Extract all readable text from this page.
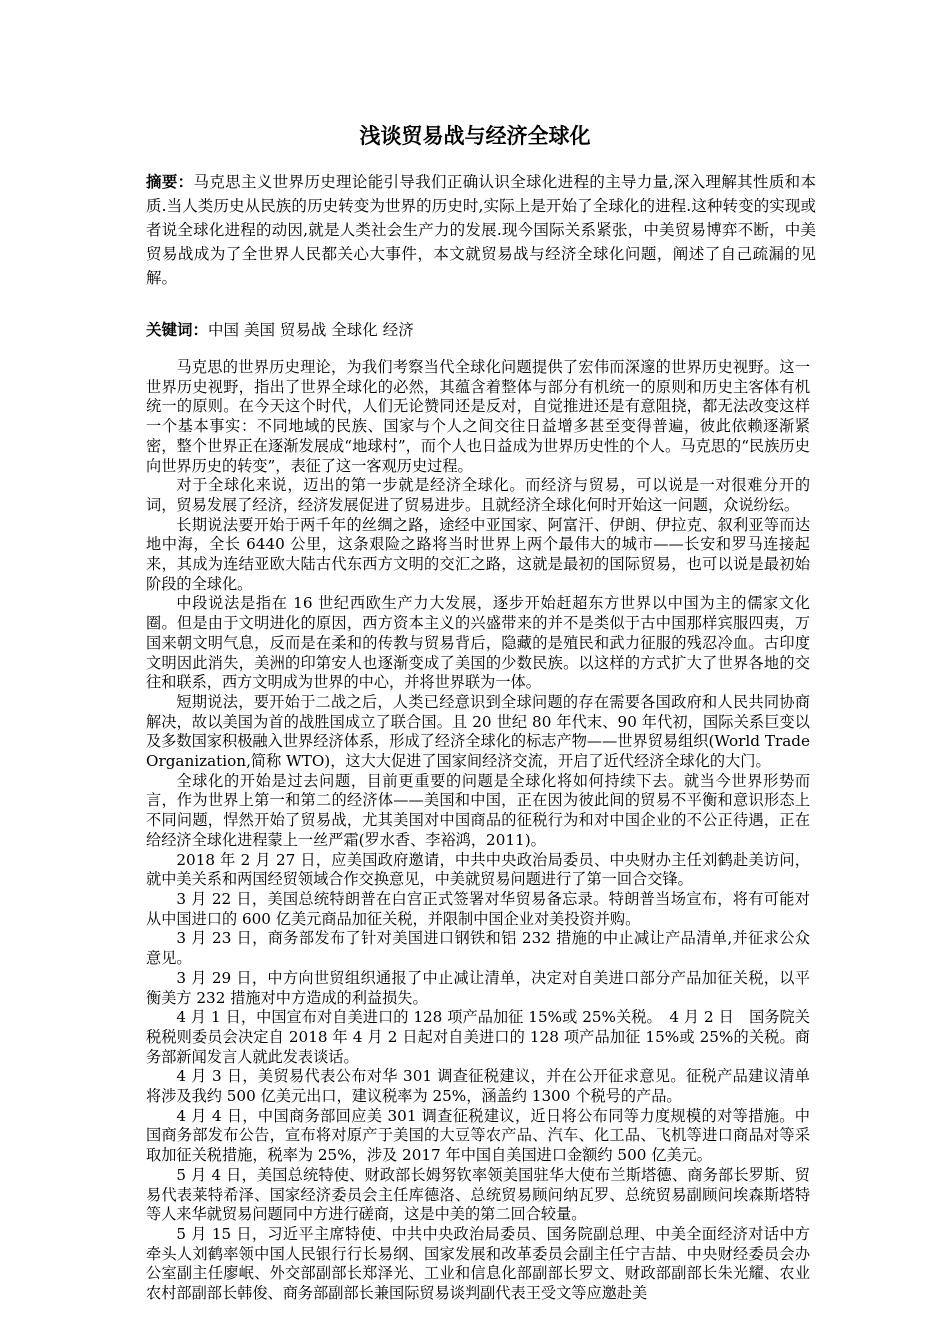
浅谈贸易战与经济全球化
摘要：马克思主义世界历史理论能引导我们正确认识全球化进程的主导力量,深入理解其性质和本质.当人类历史从民族的历史转变为世界的历史时,实际上是开始了全球化的进程.这种转变的实现或者说全球化进程的动因,就是人类社会生产力的发展.现今国际关系紧张，中美贸易博弈不断，中美贸易战成为了全世界人民都关心大事件，本文就贸易战与经济全球化问题，阐述了自己疏漏的见解。
关键词：中国 美国 贸易战 全球化 经济

马克思的世界历史理论，为我们考察当代全球化问题提供了宏伟而深邃的世界历史视野。这一世界历史视野，指出了世界全球化的必然，其蕴含着整体与部分有机统一的原则和历史主客体有机统一的原则。在今天这个时代，人们无论赞同还是反对，自觉推进还是有意阻挠，都无法改变这样一个基本事实：不同地域的民族、国家与个人之间交往日益增多甚至变得普遍，彼此依赖逐渐紧密，整个世界正在逐渐发展成“地球村”，而个人也日益成为世界历史性的个人。马克思的“民族历史向世界历史的转变”，表征了这一客观历史过程。

对于全球化来说，迈出的第一步就是经济全球化。而经济与贸易，可以说是一对很难分开的词，贸易发展了经济，经济发展促进了贸易进步。且就经济全球化何时开始这一问题，众说纷纭。

长期说法要开始于两千年的丝绸之路，途经中亚国家、阿富汗、伊朗、伊拉克、叙利亚等而达地中海，全长 6440 公里，这条艰险之路将当时世界上两个最伟大的城市——长安和罗马连接起来，其成为连结亚欧大陆古代东西方文明的交汇之路，这就是最初的国际贸易，也可以说是最初始阶段的全球化。

中段说法是指在 16 世纪西欧生产力大发展，逐步开始赶超东方世界以中国为主的儒家文化圈。但是由于文明进化的原因，西方资本主义的兴盛带来的并不是类似于古中国那样宾服四夷，万国来朝文明气息，反而是在柔和的传教与贸易背后，隐藏的是殖民和武力征服的残忍冷血。古印度文明因此消失，美洲的印第安人也逐渐变成了美国的少数民族。以这样的方式扩大了世界各地的交往和联系，西方文明成为世界的中心，并将世界联为一体。

短期说法，要开始于二战之后，人类已经意识到全球问题的存在需要各国政府和人民共同协商解决，故以美国为首的战胜国成立了联合国。且 20 世纪 80 年代末、90 年代初，国际关系巨变以及多数国家积极融入世界经济体系，形成了经济全球化的标志产物——世界贸易组织(World Trade Organization,简称 WTO)，这大大促进了国家间经济交流，开启了近代经济全球化的大门。

全球化的开始是过去问题，目前更重要的问题是全球化将如何持续下去。就当今世界形势而言，作为世界上第一和第二的经济体——美国和中国，正在因为彼此间的贸易不平衡和意识形态上不同问题，悍然开始了贸易战，尤其美国对中国商品的征税行为和对中国企业的不公正待遇，正在给经济全球化进程蒙上一丝严霜(罗水香、李裕鸿，2011)。

2018 年 2 月 27 日，应美国政府邀请，中共中央政治局委员、中央财办主任刘鹤赴美访问，就中美关系和两国经贸领域合作交换意见，中美就贸易问题进行了第一回合交锋。

3 月 22 日，美国总统特朗普在白宫正式签署对华贸易备忘录。特朗普当场宣布，将有可能对从中国进口的 600 亿美元商品加征关税，并限制中国企业对美投资并购。

3 月 23 日，商务部发布了针对美国进口钢铁和铝 232 措施的中止减让产品清单,并征求公众意见。

3 月 29 日，中方向世贸组织通报了中止减让清单，决定对自美进口部分产品加征关税，以平衡美方 232 措施对中方造成的利益损失。

4 月 1 日，中国宣布对自美进口的 128 项产品加征 15%或 25%关税。　4 月 2 日　国务院关税税则委员会决定自 2018 年 4 月 2 日起对自美进口的 128 项产品加征 15%或 25%的关税。商务部新闻发言人就此发表谈话。

4 月 3 日，美贸易代表公布对华 301 调查征税建议，并在公开征求意见。征税产品建议清单将涉及我约 500 亿美元出口，建议税率为 25%，涵盖约 1300 个税号的产品。

4 月 4 日，中国商务部回应美 301 调查征税建议，近日将公布同等力度规模的对等措施。中国商务部发布公告，宣布将对原产于美国的大豆等农产品、汽车、化工品、飞机等进口商品对等采取加征关税措施，税率为 25%，涉及 2017 年中国自美国进口金额约 500 亿美元。

5 月 4 日，美国总统特使、财政部长姆努钦率领美国驻华大使布兰斯塔德、商务部长罗斯、贸易代表莱特希泽、国家经济委员会主任库德洛、总统贸易顾问纳瓦罗、总统贸易副顾问埃森斯塔特等人来华就贸易问题同中方进行磋商，这是中美的第二回合较量。

5 月 15 日，习近平主席特使、中共中央政治局委员、国务院副总理、中美全面经济对话中方牵头人刘鹤率领中国人民银行行长易纲、国家发展和改革委员会副主任宁吉喆、中央财经委员会办公室副主任廖岷、外交部副部长郑泽光、工业和信息化部副部长罗文、财政部副部长朱光耀、农业农村部副部长韩俊、商务部副部长兼国际贸易谈判副代表王受文等应邀赴美
